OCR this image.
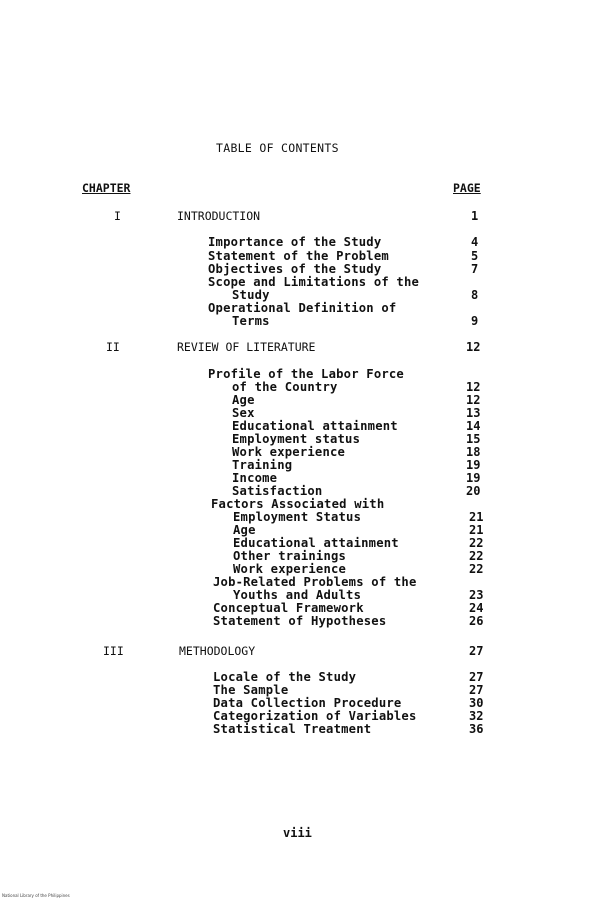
TABLE OF CONTENTS
CHAPTER	PAGE
I	INTRODUCTION	1
Importance of the Study	4
Statement of the Problem	5
Objectives of the Study	7
Scope and Limitations of the
Study	8
Operational Definition of
Terms	9
II	REVIEW OF LITERATURE	12
Profile of the Labor Force
of the Country	12
Age	12
Sex	13
Educational attainment	14
Employment status	15
Work experience	18
Training	19
Income	19
Satisfaction	20
Factors Associated with
Employment Status	21
Age	21
Educational attainment	22
Other trainings	22
Work experience	22
Job-Related Problems of the
Youths and Adults	23
Conceptual Framework	24
Statement of Hypotheses	26
III	METHODOLOGY	27
Locale of the Study	27
The Sample	27
Data Collection Procedure	30
Categorization of Variables	32
Statistical Treatment	36
viii
National Library of the Philippines
